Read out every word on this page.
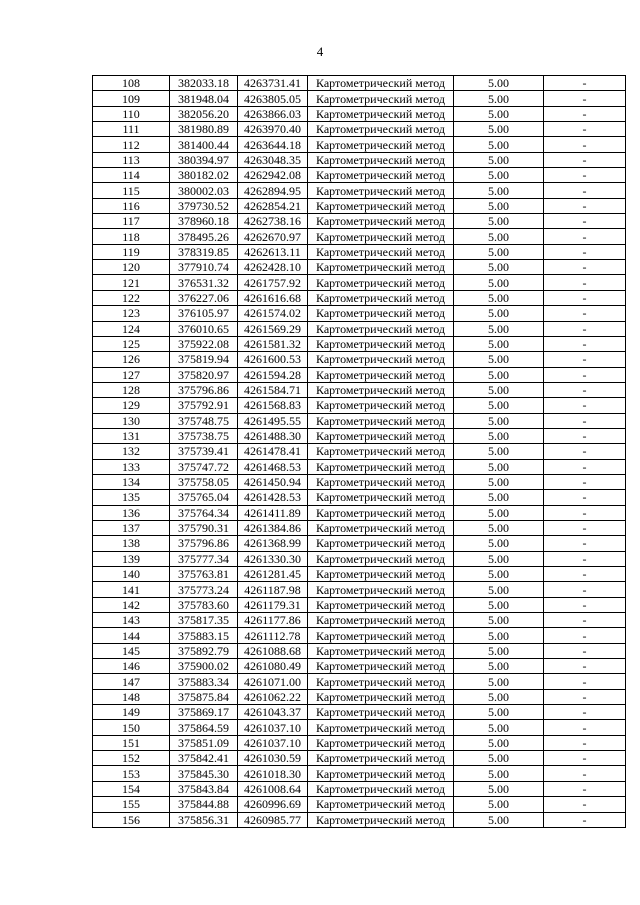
4
108	382033.18	4263731.41	Картометрический метод	5.00	-
109	381948.04	4263805.05	Картометрический метод	5.00	-
110	382056.20	4263866.03	Картометрический метод	5.00	-
111	381980.89	4263970.40	Картометрический метод	5.00	-
112	381400.44	4263644.18	Картометрический метод	5.00	-
113	380394.97	4263048.35	Картометрический метод	5.00	-
114	380182.02	4262942.08	Картометрический метод	5.00	-
115	380002.03	4262894.95	Картометрический метод	5.00	-
116	379730.52	4262854.21	Картометрический метод	5.00	-
117	378960.18	4262738.16	Картометрический метод	5.00	-
118	378495.26	4262670.97	Картометрический метод	5.00	-
119	378319.85	4262613.11	Картометрический метод	5.00	-
120	377910.74	4262428.10	Картометрический метод	5.00	-
121	376531.32	4261757.92	Картометрический метод	5.00	-
122	376227.06	4261616.68	Картометрический метод	5.00	-
123	376105.97	4261574.02	Картометрический метод	5.00	-
124	376010.65	4261569.29	Картометрический метод	5.00	-
125	375922.08	4261581.32	Картометрический метод	5.00	-
126	375819.94	4261600.53	Картометрический метод	5.00	-
127	375820.97	4261594.28	Картометрический метод	5.00	-
128	375796.86	4261584.71	Картометрический метод	5.00	-
129	375792.91	4261568.83	Картометрический метод	5.00	-
130	375748.75	4261495.55	Картометрический метод	5.00	-
131	375738.75	4261488.30	Картометрический метод	5.00	-
132	375739.41	4261478.41	Картометрический метод	5.00	-
133	375747.72	4261468.53	Картометрический метод	5.00	-
134	375758.05	4261450.94	Картометрический метод	5.00	-
135	375765.04	4261428.53	Картометрический метод	5.00	-
136	375764.34	4261411.89	Картометрический метод	5.00	-
137	375790.31	4261384.86	Картометрический метод	5.00	-
138	375796.86	4261368.99	Картометрический метод	5.00	-
139	375777.34	4261330.30	Картометрический метод	5.00	-
140	375763.81	4261281.45	Картометрический метод	5.00	-
141	375773.24	4261187.98	Картометрический метод	5.00	-
142	375783.60	4261179.31	Картометрический метод	5.00	-
143	375817.35	4261177.86	Картометрический метод	5.00	-
144	375883.15	4261112.78	Картометрический метод	5.00	-
145	375892.79	4261088.68	Картометрический метод	5.00	-
146	375900.02	4261080.49	Картометрический метод	5.00	-
147	375883.34	4261071.00	Картометрический метод	5.00	-
148	375875.84	4261062.22	Картометрический метод	5.00	-
149	375869.17	4261043.37	Картометрический метод	5.00	-
150	375864.59	4261037.10	Картометрический метод	5.00	-
151	375851.09	4261037.10	Картометрический метод	5.00	-
152	375842.41	4261030.59	Картометрический метод	5.00	-
153	375845.30	4261018.30	Картометрический метод	5.00	-
154	375843.84	4261008.64	Картометрический метод	5.00	-
155	375844.88	4260996.69	Картометрический метод	5.00	-
156	375856.31	4260985.77	Картометрический метод	5.00	-
